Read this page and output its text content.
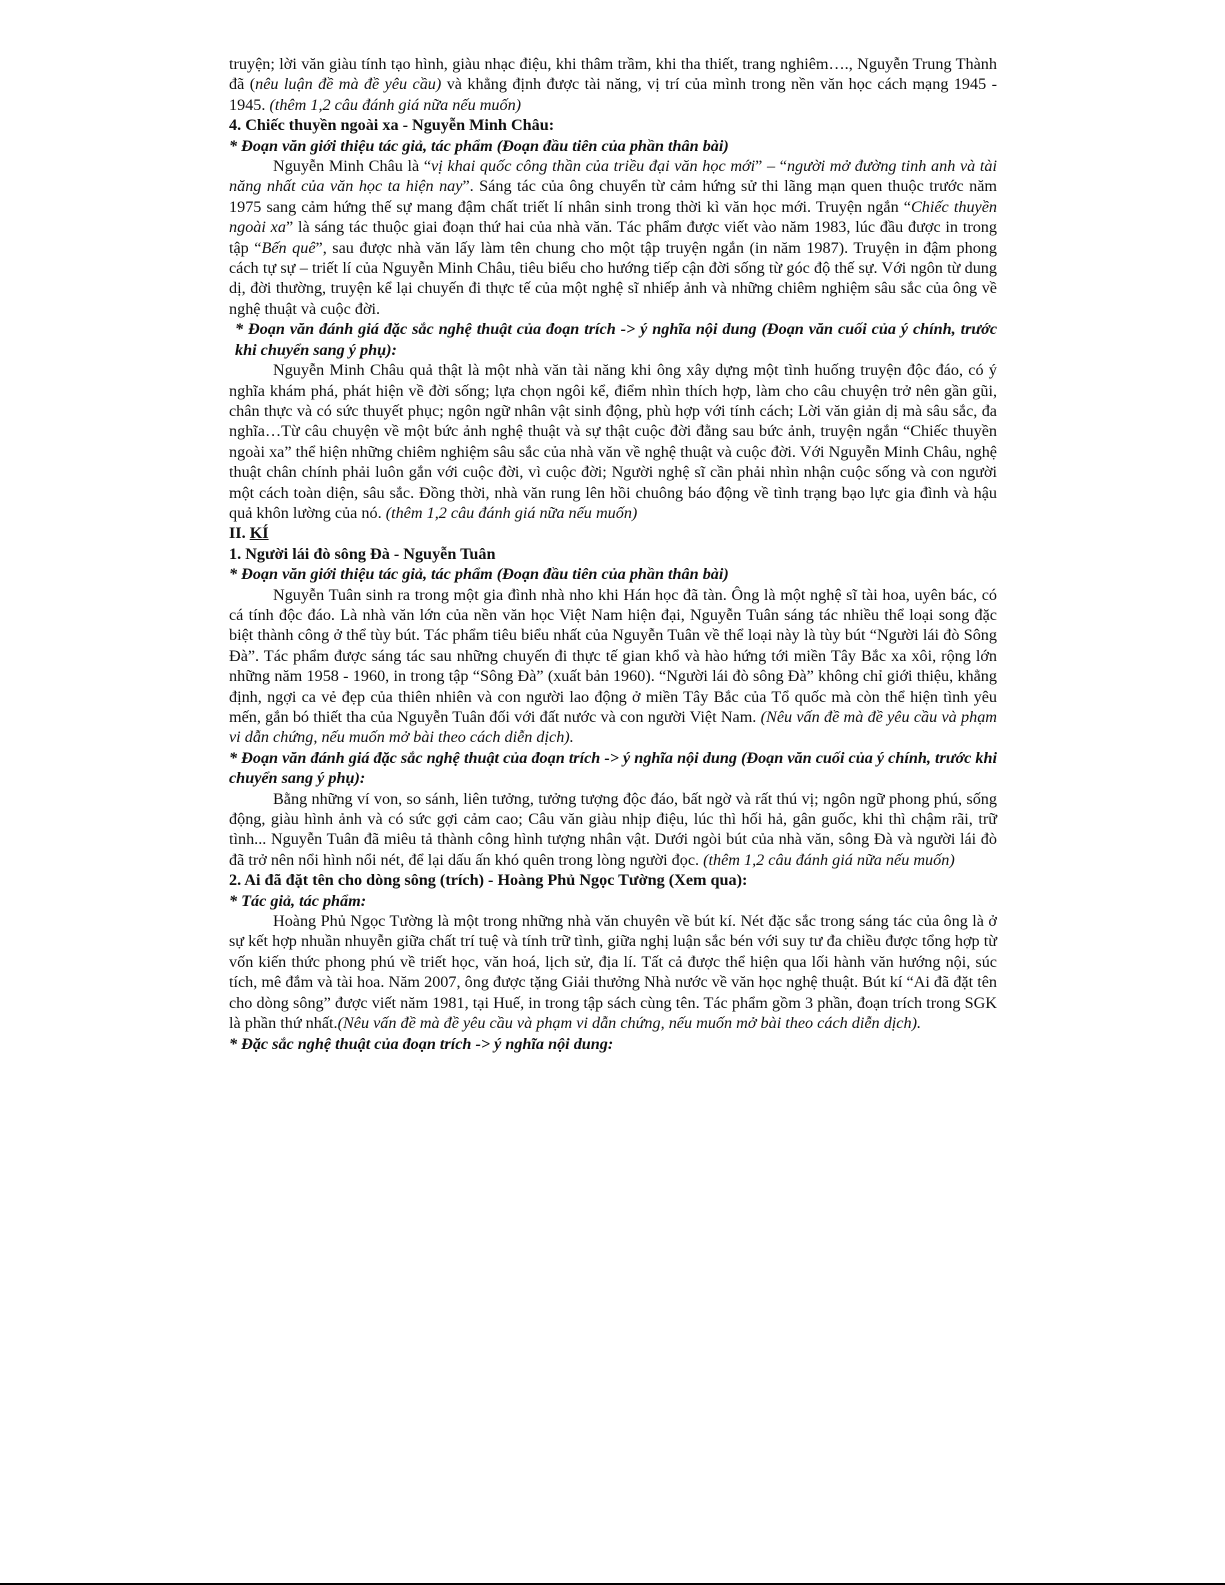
truyện; lời văn giàu tính tạo hình, giàu nhạc điệu, khi thâm trầm, khi tha thiết, trang nghiêm…., Nguyễn Trung Thành đã (nêu luận đề mà đề yêu cầu) và khẳng định được tài năng, vị trí của mình trong nền văn học cách mạng 1945 - 1945. (thêm 1,2 câu đánh giá nữa nếu muốn)

4. Chiếc thuyền ngoài xa - Nguyễn Minh Châu:
* Đoạn văn giới thiệu tác giả, tác phẩm (Đoạn đầu tiên của phần thân bài)

Nguyễn Minh Châu là “vị khai quốc công thần của triều đại văn học mới” – “người mở đường tinh anh và tài năng nhất của văn học ta hiện nay”. Sáng tác của ông chuyển từ cảm hứng sử thi lãng mạn quen thuộc trước năm 1975 sang cảm hứng thế sự mang đậm chất triết lí nhân sinh trong thời kì văn học mới. Truyện ngắn “Chiếc thuyền ngoài xa” là sáng tác thuộc giai đoạn thứ hai của nhà văn. Tác phẩm được viết vào năm 1983, lúc đầu được in trong tập “Bến quê”, sau được nhà văn lấy làm tên chung cho một tập truyện ngắn (in năm 1987). Truyện in đậm phong cách tự sự – triết lí của Nguyễn Minh Châu, tiêu biểu cho hướng tiếp cận đời sống từ góc độ thế sự. Với ngôn từ dung dị, đời thường, truyện kể lại chuyến đi thực tế của một nghệ sĩ nhiếp ảnh và những chiêm nghiệm sâu sắc của ông về nghệ thuật và cuộc đời.

* Đoạn văn đánh giá đặc sắc nghệ thuật của đoạn trích -> ý nghĩa nội dung (Đoạn văn cuối của ý chính, trước khi chuyển sang ý phụ):

Nguyễn Minh Châu quả thật là một nhà văn tài năng khi ông xây dựng một tình huống truyện độc đáo, có ý nghĩa khám phá, phát hiện về đời sống; lựa chọn ngôi kể, điểm nhìn thích hợp, làm cho câu chuyện trở nên gần gũi, chân thực và có sức thuyết phục; ngôn ngữ nhân vật sinh động, phù hợp với tính cách; Lời văn giản dị mà sâu sắc, đa nghĩa…Từ câu chuyện về một bức ảnh nghệ thuật và sự thật cuộc đời đằng sau bức ảnh, truyện ngắn “Chiếc thuyền ngoài xa” thể hiện những chiêm nghiệm sâu sắc của nhà văn về nghệ thuật và cuộc đời. Với Nguyễn Minh Châu, nghệ thuật chân chính phải luôn gắn với cuộc đời, vì cuộc đời; Người nghệ sĩ cần phải nhìn nhận cuộc sống và con người một cách toàn diện, sâu sắc. Đồng thời, nhà văn rung lên hồi chuông báo động về tình trạng bạo lực gia đình và hậu quả khôn lường của nó. (thêm 1,2 câu đánh giá nữa nếu muốn)

II. KÍ
1. Người lái đò sông Đà - Nguyễn Tuân
* Đoạn văn giới thiệu tác giả, tác phẩm (Đoạn đầu tiên của phần thân bài)

Nguyễn Tuân sinh ra trong một gia đình nhà nho khi Hán học đã tàn. Ông là một nghệ sĩ tài hoa, uyên bác, có cá tính độc đáo. Là nhà văn lớn của nền văn học Việt Nam hiện đại, Nguyễn Tuân sáng tác nhiều thể loại song đặc biệt thành công ở thể tùy bút. Tác phẩm tiêu biểu nhất của Nguyễn Tuân về thể loại này là tùy bút “Người lái đò Sông Đà”. Tác phẩm được sáng tác sau những chuyến đi thực tế gian khổ và hào hứng tới miền Tây Bắc xa xôi, rộng lớn những năm 1958 - 1960, in trong tập “Sông Đà” (xuất bản 1960). “Người lái đò sông Đà” không chỉ giới thiệu, khẳng định, ngợi ca vẻ đẹp của thiên nhiên và con người lao động ở miền Tây Bắc của Tổ quốc mà còn thể hiện tình yêu mến, gắn bó thiết tha của Nguyễn Tuân đối với đất nước và con người Việt Nam. (Nêu vấn đề mà đề yêu cầu và phạm vi dẫn chứng, nếu muốn mở bài theo cách diễn dịch).

* Đoạn văn đánh giá đặc sắc nghệ thuật của đoạn trích -> ý nghĩa nội dung (Đoạn văn cuối của ý chính, trước khi chuyển sang ý phụ):

Bằng những ví von, so sánh, liên tưởng, tưởng tượng độc đáo, bất ngờ và rất thú vị; ngôn ngữ phong phú, sống động, giàu hình ảnh và có sức gợi cảm cao; Câu văn giàu nhịp điệu, lúc thì hối hả, gân guốc, khi thì chậm rãi, trữ tình... Nguyễn Tuân đã miêu tả thành công hình tượng nhân vật. Dưới ngòi bút của nhà văn, sông Đà và người lái đò đã trở nên nổi hình nổi nét, để lại dấu ấn khó quên trong lòng người đọc. (thêm 1,2 câu đánh giá nữa nếu muốn)

2. Ai đã đặt tên cho dòng sông (trích) - Hoàng Phủ Ngọc Tường (Xem qua):
* Tác giả, tác phẩm:

Hoàng Phủ Ngọc Tường là một trong những nhà văn chuyên về bút kí. Nét đặc sắc trong sáng tác của ông là ở sự kết hợp nhuần nhuyễn giữa chất trí tuệ và tính trữ tình, giữa nghị luận sắc bén với suy tư đa chiều được tổng hợp từ vốn kiến thức phong phú về triết học, văn hoá, lịch sử, địa lí. Tất cả được thể hiện qua lối hành văn hướng nội, súc tích, mê đắm và tài hoa. Năm 2007, ông được tặng Giải thưởng Nhà nước về văn học nghệ thuật. Bút kí “Ai đã đặt tên cho dòng sông” được viết năm 1981, tại Huế, in trong tập sách cùng tên. Tác phẩm gồm 3 phần, đoạn trích trong SGK là phần thứ nhất.(Nêu vấn đề mà đề yêu cầu và phạm vi dẫn chứng, nếu muốn mở bài theo cách diễn dịch).

* Đặc sắc nghệ thuật của đoạn trích -> ý nghĩa nội dung:
